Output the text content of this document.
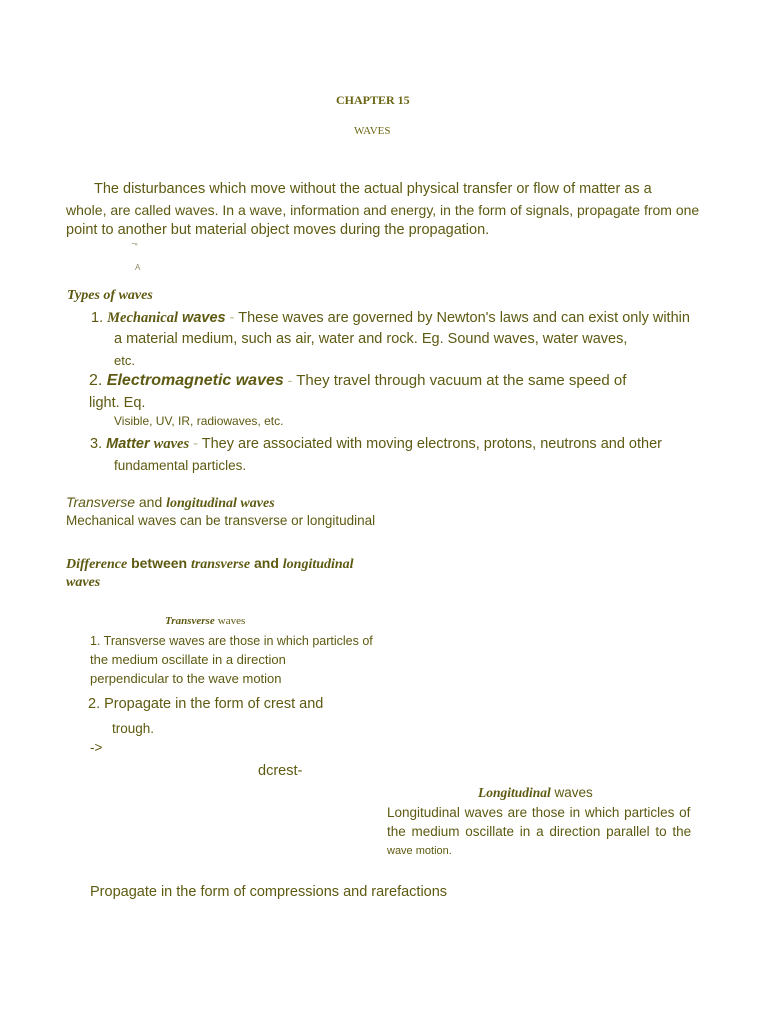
CHAPTER 15
WAVES
The disturbances which move without the actual physical transfer or flow of matter as a
whole, are called waves. In a wave, information and energy, in the form of signals, propagate from one
point to another but material object moves during the propagation.
˜°
A
Types of waves
1. Mechanical waves - These waves are governed by Newton's laws and can exist only within
a material medium, such as air, water and rock. Eg. Sound waves, water waves,
etc.
2. Electromagnetic waves - They travel through vacuum at the same speed of
light. Eq.
Visible, UV, IR, radiowaves, etc.
3. Matter waves - They are associated with moving electrons, protons, neutrons and other
fundamental particles.
Transverse and longitudinal waves
Mechanical waves can be transverse or longitudinal
Difference between transverse and longitudinal
waves
Transverse waves
1. Transverse waves are those in which particles of
the medium oscillate in a direction
perpendicular to the wave motion
2. Propagate in the form of crest and
trough.
->
dcrest-
Longitudinal waves
Longitudinal waves are those in which particles of
the medium oscillate in a direction parallel to the
wave motion.
Propagate in the form of compressions and rarefactions
